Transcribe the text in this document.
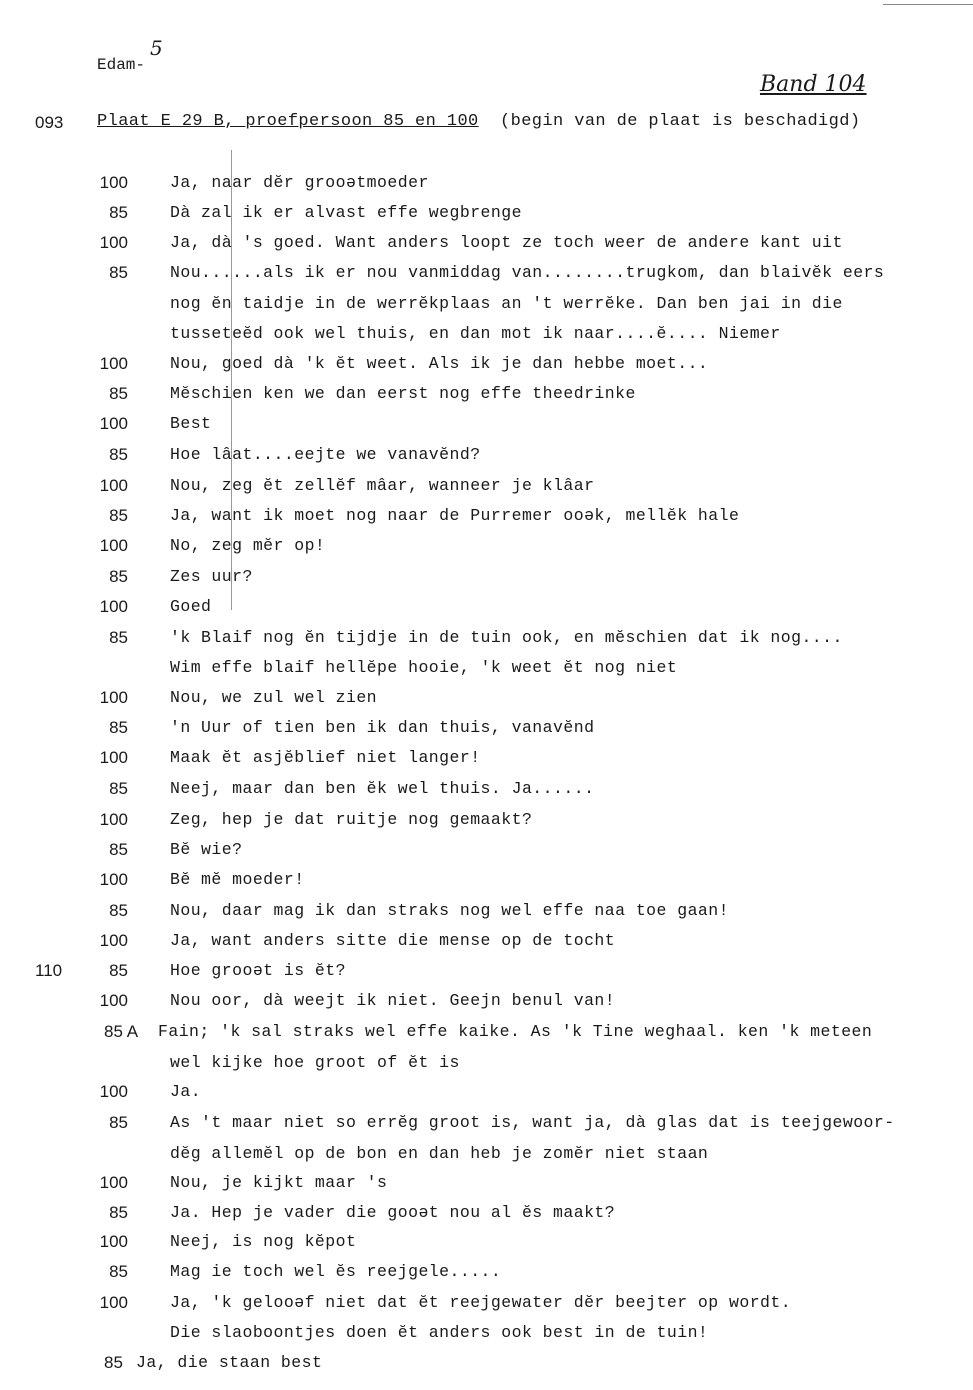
Edam-
5
Band 104
093 Plaat E 29 B, proefpersoon 85 en 100 (begin van de plaat is beschadigd)
110
100	Ja, naar dĕr grooətmoeder
85	Dà zal ik er alvast effe wegbrenge
100	Ja, dà 's goed. Want anders loopt ze toch weer de andere kant uit
85	Nou......als ik er nou vanmiddag van........trugkom, dan blaivĕk eers
nog ĕn taidje in de werrĕkplaas an 't werrĕke. Dan ben jai in die
tusseteĕd ook wel thuis, en dan mot ik naar....ĕ.... Niemer
100	Nou, goed dà 'k ĕt weet. Als ik je dan hebbe moet...
85	Mĕschien ken we dan eerst nog effe theedrinke
100	Best
85	Hoe lâat....eejte we vanavĕnd?
100	Nou, zeg ĕt zellĕf mâar, wanneer je klâar
85	Ja, want ik moet nog naar de Purremer ooək, mellĕk hale
100	No, zeg mĕr op!
85	Zes uur?
100	Goed
85	'k Blaif nog ĕn tijdje in de tuin ook, en mĕschien dat ik nog....
Wim effe blaif hellĕpe hooie, 'k weet ĕt nog niet
100	Nou, we zul wel zien
85	'n Uur of tien ben ik dan thuis, vanavĕnd
100	Maak ĕt asjĕblief niet langer!
85	Neej, maar dan ben ĕk wel thuis. Ja......
100	Zeg, hep je dat ruitje nog gemaakt?
85	Bĕ wie?
100	Bĕ mĕ moeder!
85	Nou, daar mag ik dan straks nog wel effe naa toe gaan!
100	Ja, want anders sitte die mense op de tocht
85	Hoe grooət is ĕt?
100	Nou oor, dà weejt ik niet. Geejn benul van!
85 A	Fain; 'k sal straks wel effe kaike. As 'k Tine weghaal. ken 'k meteen
wel kijke hoe groot of ĕt is
100	Ja.
85	As 't maar niet so errĕg groot is, want ja, dà glas dat is teejgewoor-
dĕg allemĕl op de bon en dan heb je zomĕr niet staan
100	Nou, je kijkt maar 's
85	Ja. Hep je vader die gooət nou al ĕs maakt?
100	Neej, is nog kĕpot
85	Mag ie toch wel ĕs reejgele.....
100	Ja, 'k gelooəf niet dat ĕt reejgewater dĕr beejter op wordt.
Die slaoboontjes doen ĕt anders ook best in de tuin!
85 Ja, die staan best
